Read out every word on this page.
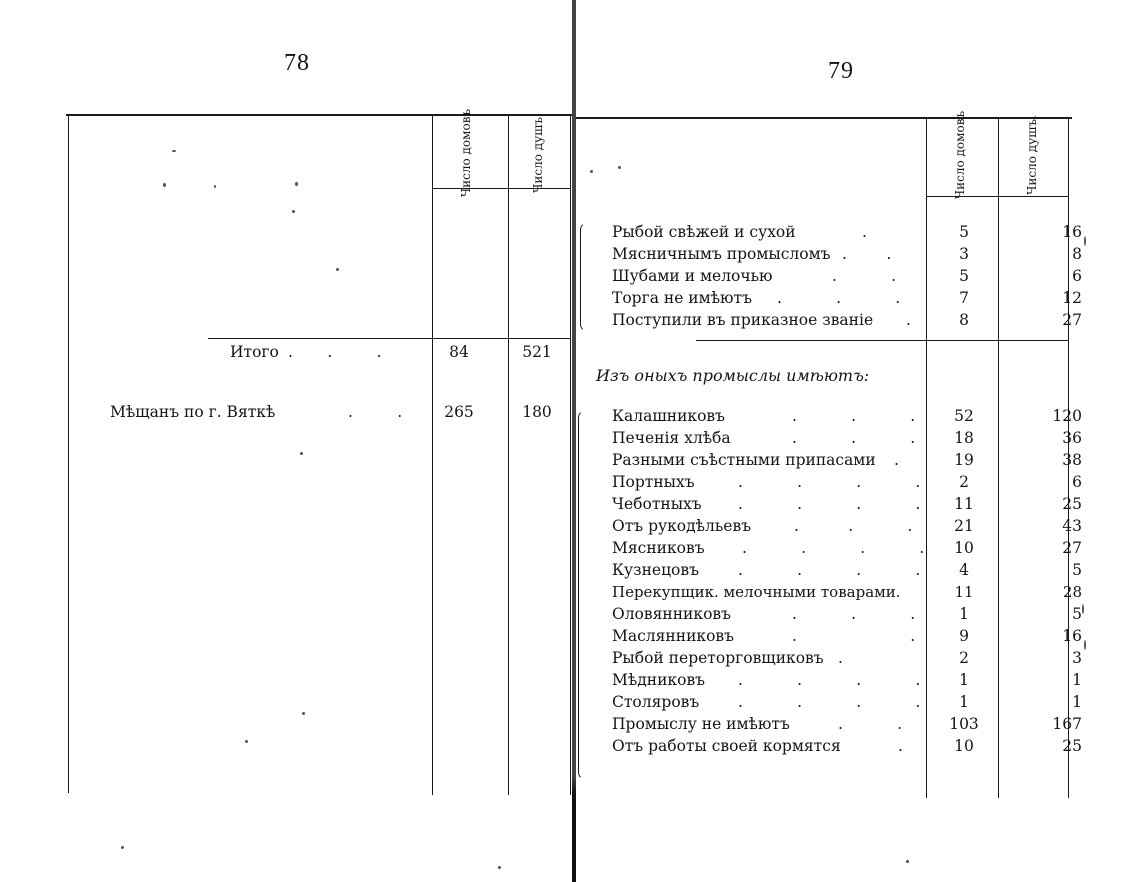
78
Число домовъ	Число душъ.
Итого .       .         .	84	521
Мѣщанъ по г. Вяткѣ	.         .	265	180
79
Число домовъ	Число душъ.
Рыбой свѣжей и сухой	.	5	16
Мясничнымъ промысломъ .        .	3	8
Шубами и мелочью	.           .	5	6
Торга не имѣютъ .           .           .	7	12
Поступили въ приказное званіе .	8	27
Изъ оныхъ промыслы имѣютъ:
Калашниковъ	.           .           .	52	120
Печенія хлѣба	.           .           .	18	36
Разными съѣстными припасами .	19	38
Портныхъ	.           .           .           .	2	6
Чеботныхъ .           .           .           .	11	25
Отъ рукодѣльевъ	.          .           .	21	43
Мясниковъ .           .           .           .	10	27
Кузнецовъ	.           .           .           .	4	5
Перекупщик. мелочными товарами.	11	28
Оловянниковъ	.           .           .	1	5
Маслянниковъ	.                       .	9	16
Рыбой переторговщиковъ .	2	3
Мѣдниковъ .           .           .           .	1	1
Столяровъ	.           .           .           .	1	1
Промыслу не имѣютъ	.           .	103	167
Отъ работы своей кормятся	.	10	25
